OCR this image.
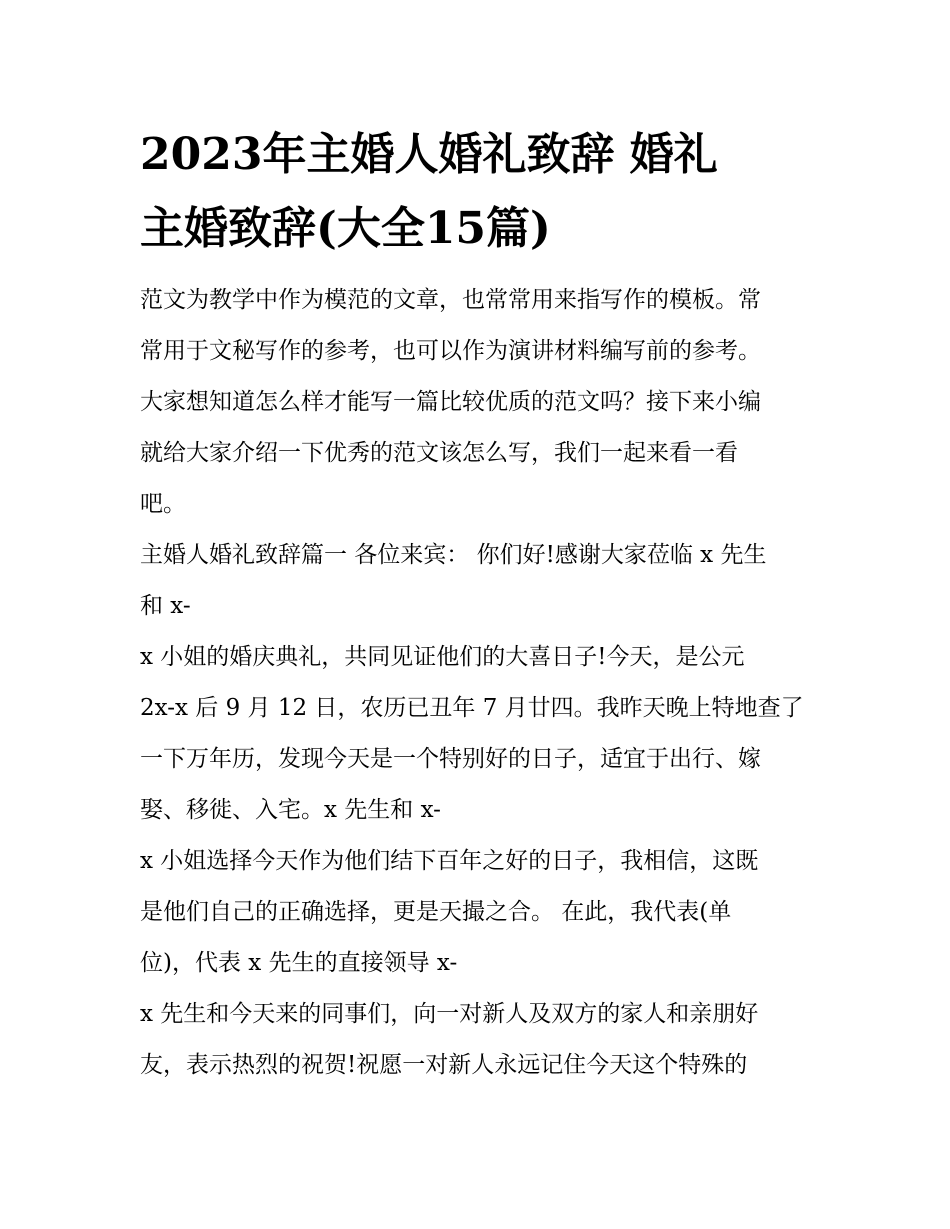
2023年主婚人婚礼致辞 婚礼
主婚致辞(大全15篇)
范文为教学中作为模范的文章，也常常用来指写作的模板。常
常用于文秘写作的参考，也可以作为演讲材料编写前的参考。
大家想知道怎么样才能写一篇比较优质的范文吗？接下来小编
就给大家介绍一下优秀的范文该怎么写，我们一起来看一看
吧。
主婚人婚礼致辞篇一 各位来宾： 你们好!感谢大家莅临 x 先生
和 x-
x 小姐的婚庆典礼，共同见证他们的大喜日子!今天，是公元
2x-x 后 9 月 12 日，农历已丑年 7 月廿四。我昨天晚上特地查了
一下万年历，发现今天是一个特别好的日子，适宜于出行、嫁
娶、移徙、入宅。x 先生和 x-
x 小姐选择今天作为他们结下百年之好的日子，我相信，这既
是他们自己的正确选择，更是天撮之合。 在此，我代表(单
位)，代表 x 先生的直接领导 x-
x 先生和今天来的同事们，向一对新人及双方的家人和亲朋好
友，表示热烈的祝贺!祝愿一对新人永远记住今天这个特殊的
